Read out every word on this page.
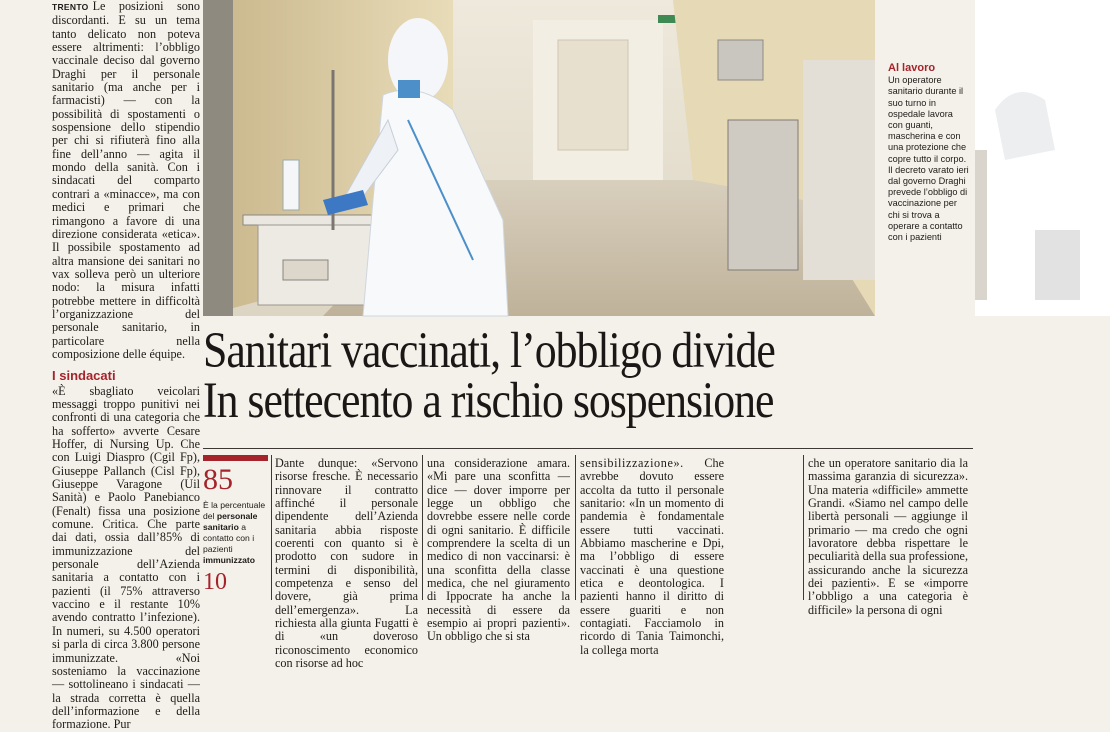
TRENTO Le posizioni sono discordanti. E su un tema tanto delicato non poteva essere altrimenti: l’obbligo vaccinale deciso dal governo Draghi per il personale sanitario (ma anche per i farmacisti) — con la possibilità di spostamenti o sospensione dello stipendio per chi si rifiuterà fino alla fine dell’anno — agita il mondo della sanità. Con i sindacati del comparto contrari a «minacce», ma con medici e primari che rimangono a favore di una direzione considerata «etica». Il possibile spostamento ad altra mansione dei sanitari no vax solleva però un ulteriore nodo: la misura infatti potrebbe mettere in difficoltà l’organizzazione del personale sanitario, in particolare nella composizione delle équipe.

I sindacati

«È sbagliato veicolari messaggi troppo punitivi nei confronti di una categoria che ha sofferto» avverte Cesare Hoffer, di Nursing Up. Che con Luigi Diaspro (Cgil Fp), Giuseppe Pallanch (Cisl Fp), Giuseppe Varagone (Uil Sanità) e Paolo Panebianco (Fenalt) fissa una posizione comune. Critica. Che parte dai dati, ossia dall’85% di immunizzazione del personale dell’Azienda sanitaria a contatto con i pazienti (il 75% attraverso vaccino e il restante 10% avendo contratto l’infezione). In numeri, su 4.500 operatori si parla di circa 3.800 persone immunizzate. «Noi sosteniamo la vaccinazione — sottolineano i sindacati — la strada corretta è quella dell’informazione e della formazione. Pur

Al lavoro
Un operatore sanitario durante il suo turno in ospedale lavora con guanti, mascherina e con una protezione che copre tutto il corpo. Il decreto varato ieri dal governo Draghi prevede l’obbligo di vaccinazione per chi si trova a operare a contatto con i pazienti
Sanitari vaccinati, l’obbligo divide
In settecento a rischio sospensione
85
È la percentuale del personale sanitario a contatto con i pazienti immunizzato
10
Dante dunque: «Servono risorse fresche. È necessario rinnovare il contratto affinché il personale dipendente dell’Azienda sanitaria abbia risposte coerenti con quanto si è prodotto con sudore in termini di disponibilità, competenza e senso del dovere, già prima dell’emergenza». La richiesta alla giunta Fugatti è di «un doveroso riconoscimento economico con risorse ad hoc
una considerazione amara. «Mi pare una sconfitta — dice — dover imporre per legge un obbligo che dovrebbe essere nelle corde di ogni sanitario. È difficile comprendere la scelta di un medico di non vaccinarsi: è una sconfitta della classe medica, che nel giuramento di Ippocrate ha anche la necessità di essere da esempio ai propri pazienti». Un obbligo che si sta
sensibilizzazione». Che avrebbe dovuto essere accolta da tutto il personale sanitario: «In un momento di pandemia è fondamentale essere tutti vaccinati. Abbiamo mascherine e Dpi, ma l’obbligo di essere vaccinati è una questione etica e deontologica. I pazienti hanno il diritto di essere guariti e non contagiati. Facciamolo in ricordo di Tania Taimonchi, la collega morta
che un operatore sanitario dia la massima garanzia di sicurezza». Una materia «difficile» ammette Grandi. «Siamo nel campo delle libertà personali — aggiunge il primario — ma credo che ogni lavoratore debba rispettare le peculiarità della sua professione, assicurando anche la sicurezza dei pazienti». E se «imporre l’obbligo a una categoria è difficile» la persona di ogni
